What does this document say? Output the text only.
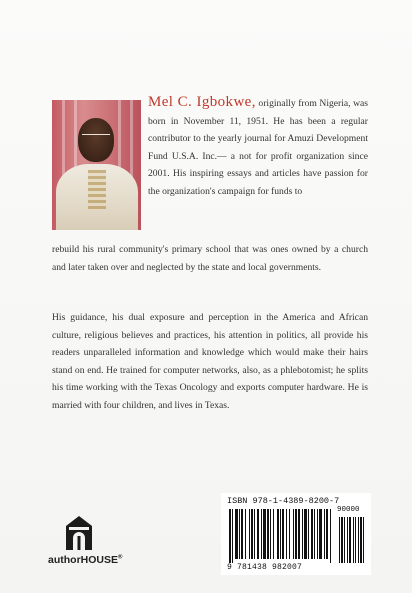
Mel C. Igbokwe, originally from Nigeria, was born in November 11, 1951. He has been a regular contributor to the yearly journal for Amuzi Development Fund U.S.A. Inc.— a not for profit organization since 2001. His inspiring essays and articles have passion for the organization's campaign for funds to
rebuild his rural community's primary school that was ones owned by a church and later taken over and neglected by the state and local governments.
His guidance, his dual exposure and perception in the America and African culture, religious believes and practices, his attention in politics, all provide his readers unparalleled information and knowledge which would make their hairs stand on end. He trained for computer networks, also, as a phlebotomist; he splits his time working with the Texas Oncology and exports computer hardware. He is married with four children, and lives in Texas.
authorHOUSE®
ISBN 978-1-4389-8200-7
90000
9 781438 982007
